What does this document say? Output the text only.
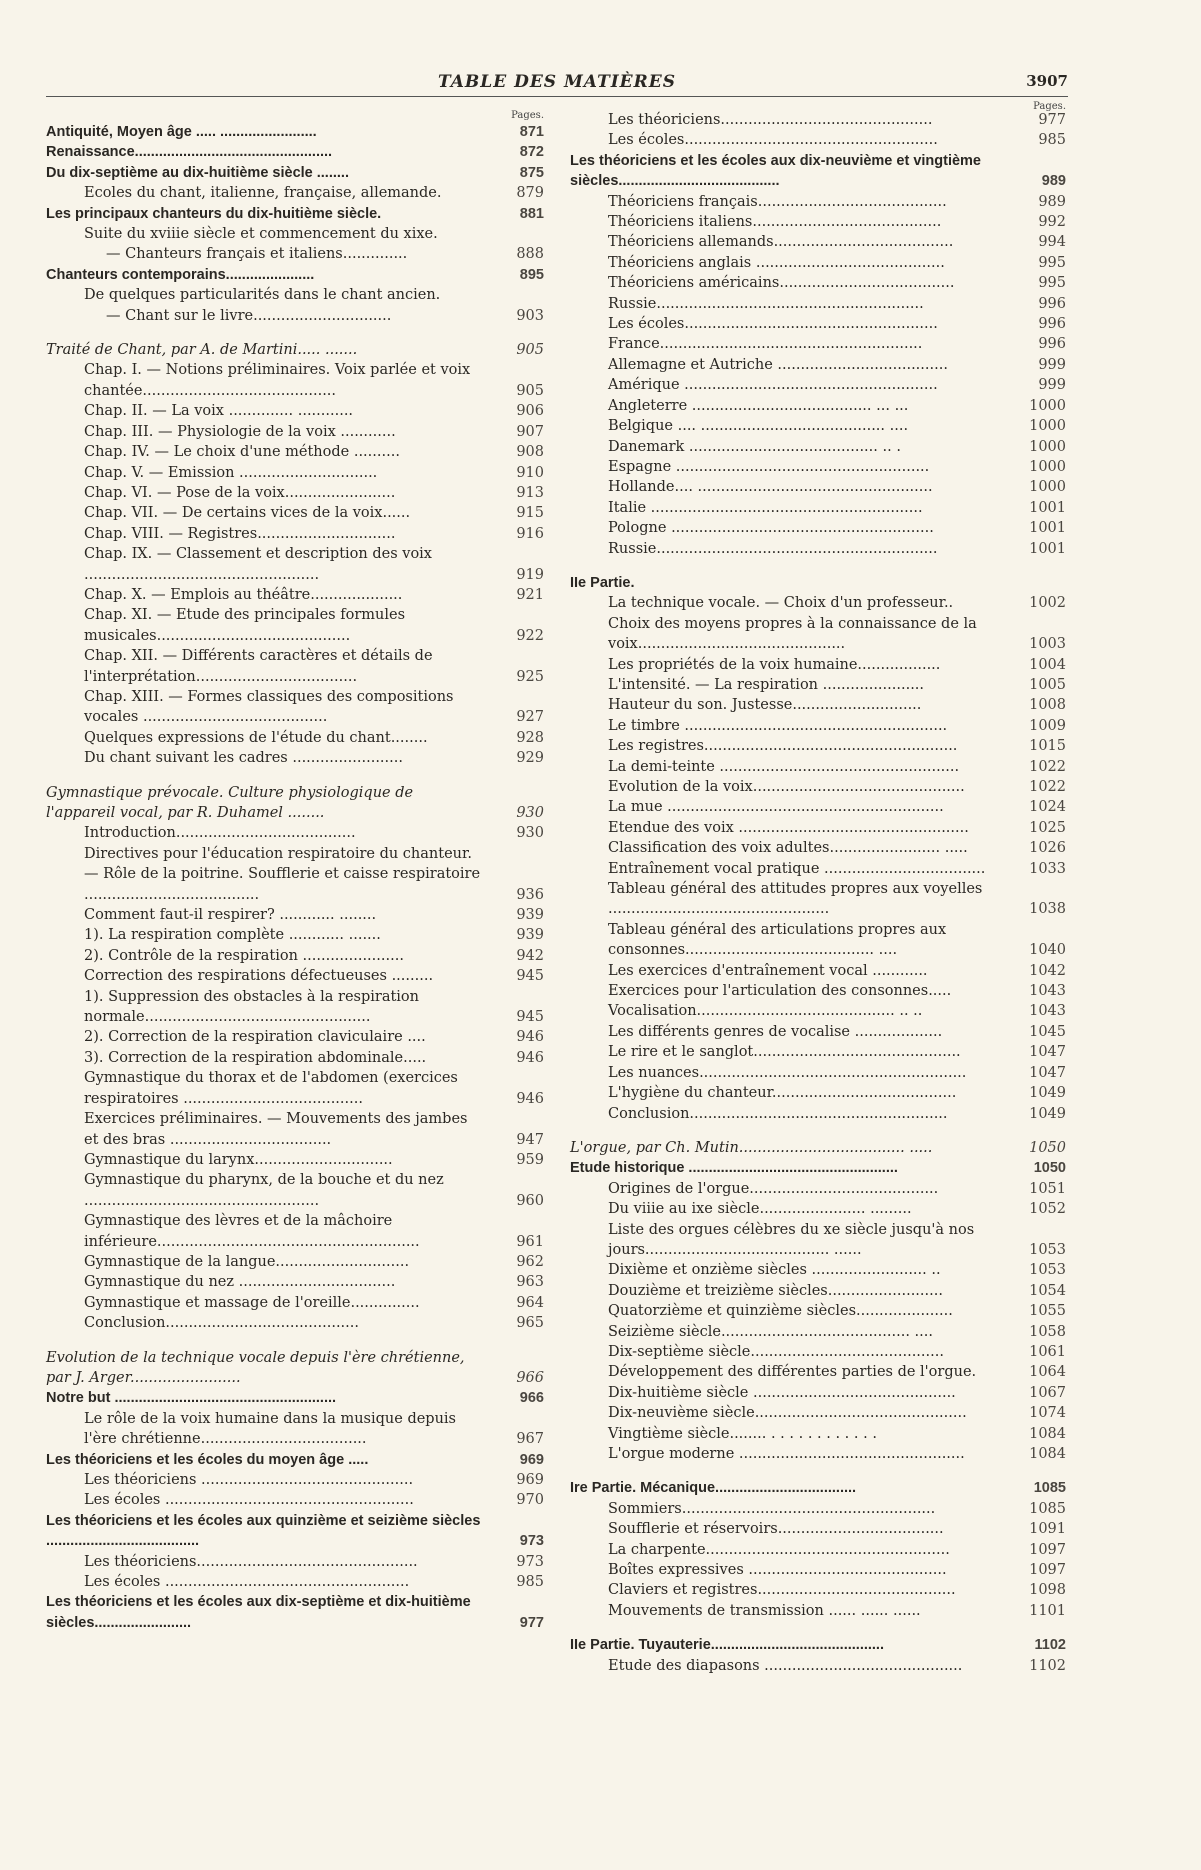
TABLE DES MATIÈRES	3907
Pages.
Antiquité, Moyen âge ..... ........................	871
Renaissance.................................................	872
Du dix-septième au dix-huitième siècle ........	875
Ecoles du chant, italienne, française, allemande.	879
Les principaux chanteurs du dix-huitième siècle.	881
Suite du xviiie siècle et commencement du xixe.
— Chanteurs français et italiens..............	888
Chanteurs contemporains......................	895
De quelques particularités dans le chant ancien.
— Chant sur le livre..............................	903
Traité de Chant, par A. de Martini..... .......	905
Chap. I. — Notions préliminaires. Voix parlée et voix chantée..........................................	905
Chap. II. — La voix .............. ............	906
Chap. III. — Physiologie de la voix ............	907
Chap. IV. — Le choix d'une méthode ..........	908
Chap. V. — Emission ..............................	910
Chap. VI. — Pose de la voix........................	913
Chap. VII. — De certains vices de la voix......	915
Chap. VIII. — Registres..............................	916
Chap. IX. — Classement et description des voix ...................................................	919
Chap. X. — Emplois au théâtre....................	921
Chap. XI. — Etude des principales formules musicales..........................................	922
Chap. XII. — Différents caractères et détails de l'interprétation...................................	925
Chap. XIII. — Formes classiques des compositions vocales ........................................	927
Quelques expressions de l'étude du chant........	928
Du chant suivant les cadres ........................	929
Gymnastique prévocale. Culture physiologique de l'appareil vocal, par R. Duhamel ........	930
Introduction.......................................	930
Directives pour l'éducation respiratoire du chanteur. — Rôle de la poitrine. Soufflerie et caisse respiratoire ......................................	936
Comment faut-il respirer? ............ ........	939
1). La respiration complète ............ .......	939
2). Contrôle de la respiration ......................	942
Correction des respirations défectueuses .........	945
1). Suppression des obstacles à la respiration normale.................................................	945
2). Correction de la respiration claviculaire ....	946
3). Correction de la respiration abdominale.....	946
Gymnastique du thorax et de l'abdomen (exercices respiratoires .......................................	946
Exercices préliminaires. — Mouvements des jambes et des bras ...................................	947
Gymnastique du larynx..............................	959
Gymnastique du pharynx, de la bouche et du nez ...................................................	960
Gymnastique des lèvres et de la mâchoire inférieure.........................................................	961
Gymnastique de la langue.............................	962
Gymnastique du nez ..................................	963
Gymnastique et massage de l'oreille...............	964
Conclusion..........................................	965
Evolution de la technique vocale depuis l'ère chrétienne, par J. Arger........................	966
Notre but .......................................................	966
Le rôle de la voix humaine dans la musique depuis l'ère chrétienne....................................	967
Les théoriciens et les écoles du moyen âge .....	969
Les théoriciens ..............................................	969
Les écoles ......................................................	970
Les théoriciens et les écoles aux quinzième et seizième siècles ......................................	973
Les théoriciens................................................	973
Les écoles .....................................................	985
Les théoriciens et les écoles aux dix-septième et dix-huitième siècles........................	977
Pages.
Les théoriciens..............................................	977
Les écoles.......................................................	985
Les théoriciens et les écoles aux dix-neuvième et vingtième siècles........................................	989
Théoriciens français.........................................	989
Théoriciens italiens.........................................	992
Théoriciens allemands.......................................	994
Théoriciens anglais .........................................	995
Théoriciens américains......................................	995
Russie..........................................................	996
Les écoles.......................................................	996
France.........................................................	996
Allemagne et Autriche .....................................	999
Amérique .......................................................	999
Angleterre ....................................... ... ...	1000
Belgique .... ........................................ ....	1000
Danemark ......................................... .. .	1000
Espagne .......................................................	1000
Hollande.... ...................................................	1000
Italie ...........................................................	1001
Pologne .........................................................	1001
Russie.............................................................	1001
IIe Partie.
La technique vocale. — Choix d'un professeur..	1002
Choix des moyens propres à la connaissance de la voix.............................................	1003
Les propriétés de la voix humaine..................	1004
L'intensité. — La respiration ......................	1005
Hauteur du son. Justesse............................	1008
Le timbre .........................................................	1009
Les registres.......................................................	1015
La demi-teinte ....................................................	1022
Evolution de la voix..............................................	1022
La mue ............................................................	1024
Etendue des voix ..................................................	1025
Classification des voix adultes........................ .....	1026
Entraînement vocal pratique ...................................	1033
Tableau général des attitudes propres aux voyelles ................................................	1038
Tableau général des articulations propres aux consonnes......................................... ....	1040
Les exercices d'entraînement vocal ............	1042
Exercices pour l'articulation des consonnes.....	1043
Vocalisation........................................... .. ..	1043
Les différents genres de vocalise ...................	1045
Le rire et le sanglot.............................................	1047
Les nuances..........................................................	1047
L'hygiène du chanteur........................................	1049
Conclusion........................................................	1049
L'orgue, par Ch. Mutin.................................... .....	1050
Etude historique ....................................................	1050
Origines de l'orgue.........................................	1051
Du viiie au ixe siècle....................... .........	1052
Liste des orgues célèbres du xe siècle jusqu'à nos jours........................................ ......	1053
Dixième et onzième siècles ......................... ..	1053
Douzième et treizième siècles.........................	1054
Quatorzième et quinzième siècles.....................	1055
Seizième siècle......................................... ....	1058
Dix-septième siècle..........................................	1061
Développement des différentes parties de l'orgue.	1064
Dix-huitième siècle ............................................	1067
Dix-neuvième siècle..............................................	1074
Vingtième siècle........ . . . . . . . . . . . .	1084
L'orgue moderne .................................................	1084
Ire Partie. Mécanique...................................	1085
Sommiers.......................................................	1085
Soufflerie et réservoirs....................................	1091
La charpente.....................................................	1097
Boîtes expressives ...........................................	1097
Claviers et registres...........................................	1098
Mouvements de transmission ...... ...... ......	1101
IIe Partie. Tuyauterie...........................................	1102
Etude des diapasons ...........................................	1102
